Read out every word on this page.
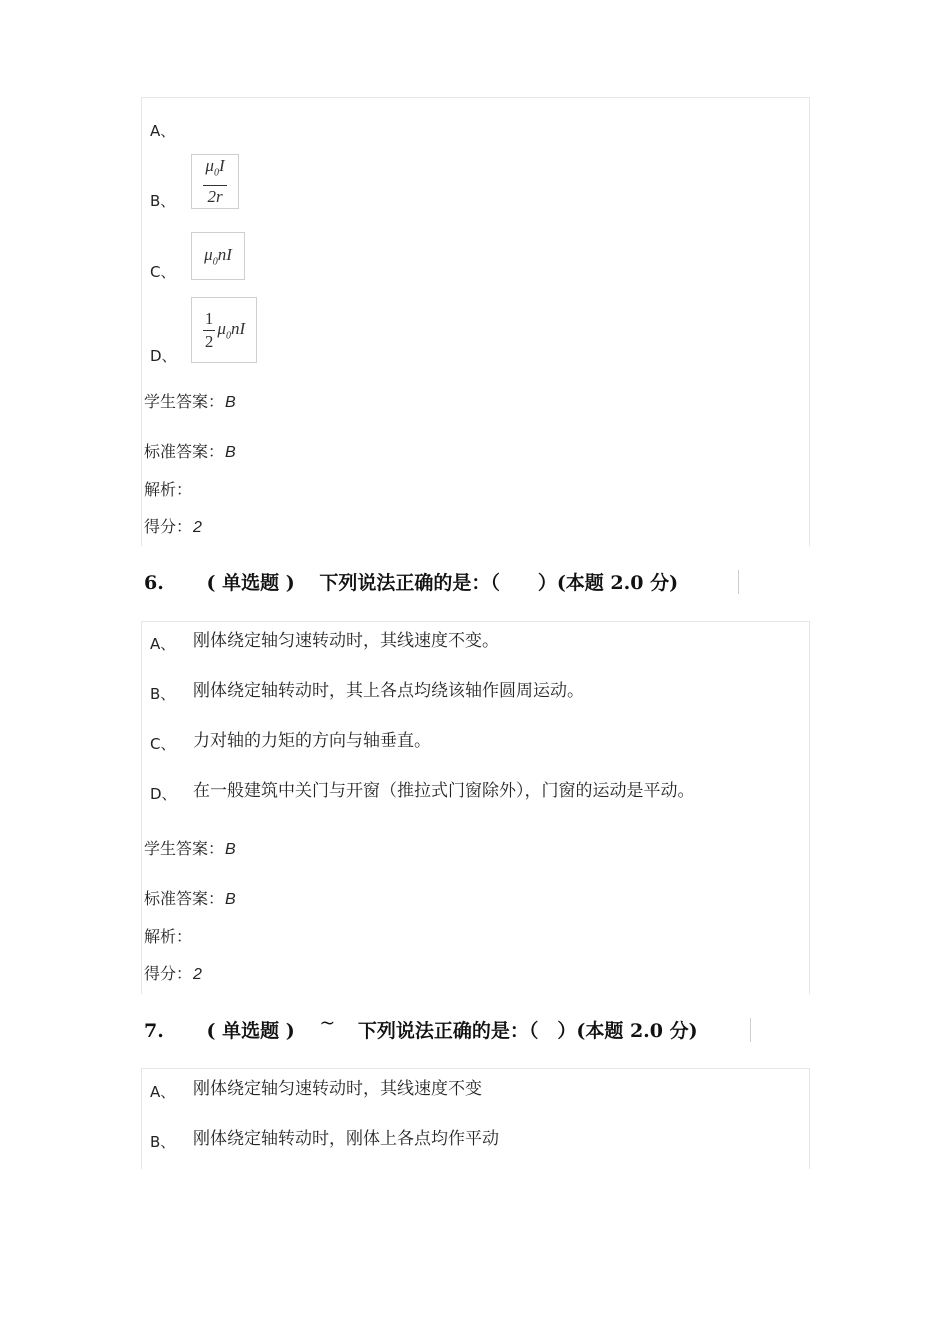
A、
B、 $\frac{\mu_0I}{2r}$
C、
$\mu_0nI$
D、
$\frac{1}{2} \mu_0nI$
学生答案：B
标准答案：B
解析：
得分：2
6. ( 单选题 ) 下列说法正确的是：（　　）(本题 2.0 分)
A、 刚体绕定轴匀速转动时，其线速度不变。
B、 刚体绕定轴转动时，其上各点均绕该轴作圆周运动。
C、 力对轴的力矩的方向与轴垂直。
D、 在一般建筑中关门与开窗（推拉式门窗除外），门窗的运动是平动。
学生答案：B
标准答案：B
解析：
得分：2
7. ( 单选题 ) ~ 下列说法正确的是：（　）(本题 2.0 分)
A、 刚体绕定轴匀速转动时，其线速度不变
B、 刚体绕定轴转动时，刚体上各点均作平动
